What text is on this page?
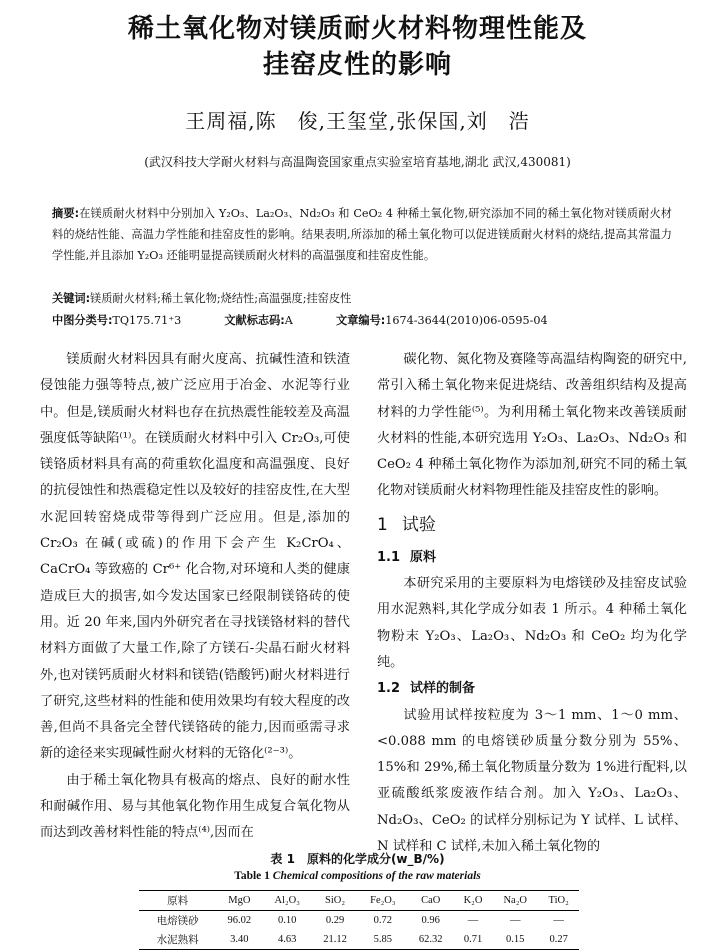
稀土氧化物对镁质耐火材料物理性能及
挂窑皮性的影响
王周福,陈　俊,王玺堂,张保国,刘　浩
(武汉科技大学耐火材料与高温陶瓷国家重点实验室培育基地,湖北 武汉,430081)
摘要:在镁质耐火材料中分别加入 Y₂O₃、La₂O₃、Nd₂O₃ 和 CeO₂ 4 种稀土氧化物,研究添加不同的稀土氧化物对镁质耐火材料的烧结性能、高温力学性能和挂窑皮性的影响。结果表明,所添加的稀土氧化物可以促进镁质耐火材料的烧结,提高其常温力学性能,并且添加 Y₂O₃ 还能明显提高镁质耐火材料的高温强度和挂窑皮性能。
关键词:镁质耐火材料;稀土氧化物;烧结性;高温强度;挂窑皮性
中图分类号:TQ175.71⁺3	文献标志码:A	文章编号:1674-3644(2010)06-0595-04

镁质耐火材料因具有耐火度高、抗碱性渣和铁渣侵蚀能力强等特点,被广泛应用于冶金、水泥等行业中。但是,镁质耐火材料也存在抗热震性能较差及高温强度低等缺陷⁽¹⁾。在镁质耐火材料中引入 Cr₂O₃,可使镁铬质材料具有高的荷重软化温度和高温强度、良好的抗侵蚀性和热震稳定性以及较好的挂窑皮性,在大型水泥回转窑烧成带等得到广泛应用。但是,添加的 Cr₂O₃ 在碱(或硫)的作用下会产生 K₂CrO₄、CaCrO₄ 等致癌的 Cr⁶⁺ 化合物,对环境和人类的健康造成巨大的损害,如今发达国家已经限制镁铬砖的使用。近 20 年来,国内外研究者在寻找镁铬材料的替代材料方面做了大量工作,除了方镁石-尖晶石耐火材料外,也对镁钙质耐火材料和镁锆(锆酸钙)耐火材料进行了研究,这些材料的性能和使用效果均有较大程度的改善,但尚不具备完全替代镁铬砖的能力,因而亟需寻求新的途径来实现碱性耐火材料的无铬化⁽²⁻³⁾。

由于稀土氧化物具有极高的熔点、良好的耐水性和耐碱作用、易与其他氧化物作用生成复合氧化物从而达到改善材料性能的特点⁽⁴⁾,因而在

碳化物、氮化物及赛隆等高温结构陶瓷的研究中,常引入稀土氧化物来促进烧结、改善组织结构及提高材料的力学性能⁽⁵⁾。为利用稀土氧化物来改善镁质耐火材料的性能,本研究选用 Y₂O₃、La₂O₃、Nd₂O₃ 和 CeO₂ 4 种稀土氧化物作为添加剂,研究不同的稀土氧化物对镁质耐火材料物理性能及挂窑皮性的影响。

1 试验
1.1 原料

本研究采用的主要原料为电熔镁砂及挂窑皮试验用水泥熟料,其化学成分如表 1 所示。4 种稀土氧化物粉末 Y₂O₃、La₂O₃、Nd₂O₃ 和 CeO₂ 均为化学纯。

1.2 试样的制备

试验用试样按粒度为 3～1 mm、1～0 mm、<0.088 mm 的电熔镁砂质量分数分别为 55%、15%和 29%,稀土氧化物质量分数为 1%进行配料,以亚硫酸纸浆废液作结合剂。加入 Y₂O₃、La₂O₃、Nd₂O₃、CeO₂ 的试样分别标记为 Y 试样、L 试样、N 试样和 C 试样,未加入稀土氧化物的

表 1　原料的化学成分(w_B/%)
Table 1 Chemical compositions of the raw materials
原料	MgO	Al₂O₃	SiO₂	Fe₂O₃	CaO	K₂O	Na₂O	TiO₂
电熔镁砂	96.02	0.10	0.29	0.72	0.96	—	—	—
水泥熟料	3.40	4.63	21.12	5.85	62.32	0.71	0.15	0.27
